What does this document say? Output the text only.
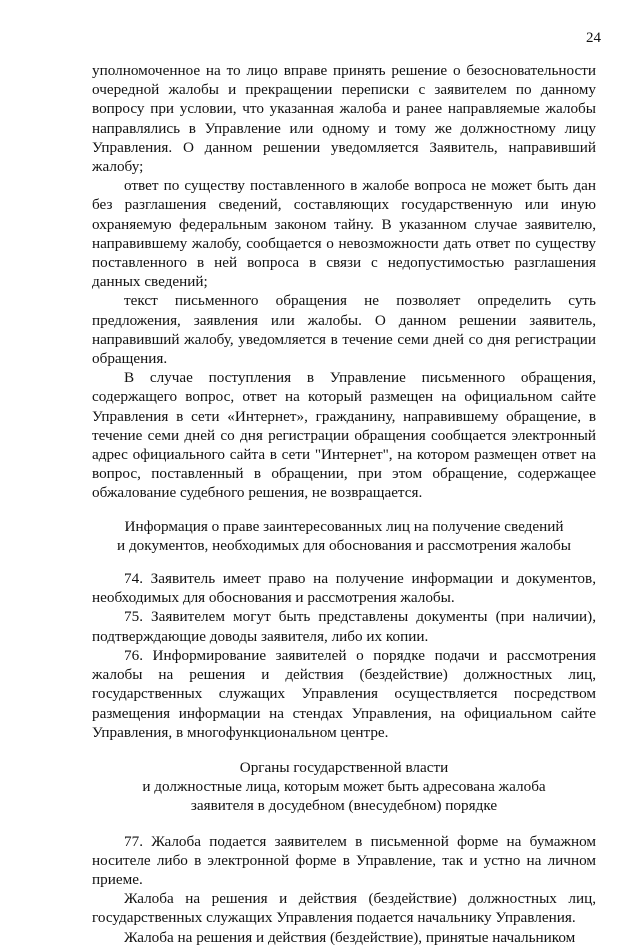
24

уполномоченное на то лицо вправе принять решение о безосновательности очередной жалобы и прекращении переписки с заявителем по данному вопросу при условии, что указанная жалоба и ранее направляемые жалобы направлялись в Управление или одному и тому же должностному лицу Управления. О данном решении уведомляется Заявитель, направивший жалобу;

ответ по существу поставленного в жалобе вопроса не может быть дан без разглашения сведений, составляющих государственную или иную охраняемую федеральным законом тайну. В указанном случае заявителю, направившему жалобу, сообщается о невозможности дать ответ по существу поставленного в ней вопроса в связи с недопустимостью разглашения данных сведений;

текст письменного обращения не позволяет определить суть предложения, заявления или жалобы. О данном решении заявитель, направивший жалобу, уведомляется в течение семи дней со дня регистрации обращения.

В случае поступления в Управление письменного обращения, содержащего вопрос, ответ на который размещен на официальном сайте Управления в сети «Интернет», гражданину, направившему обращение, в течение семи дней со дня регистрации обращения сообщается электронный адрес официального сайта в сети "Интернет", на котором размещен ответ на вопрос, поставленный в обращении, при этом обращение, содержащее обжалование судебного решения, не возвращается.

Информация о праве заинтересованных лиц на получение сведений
и документов, необходимых для обоснования и рассмотрения жалобы

74. Заявитель имеет право на получение информации и документов, необходимых для обоснования и рассмотрения жалобы.

75. Заявителем могут быть представлены документы (при наличии), подтверждающие доводы заявителя, либо их копии.

76. Информирование заявителей о порядке подачи и рассмотрения жалобы на решения и действия (бездействие) должностных лиц, государственных служащих Управления осуществляется посредством размещения информации на стендах Управления, на официальном сайте Управления, в многофункциональном центре.

Органы государственной власти
и должностные лица, которым может быть адресована жалоба
заявителя в досудебном (внесудебном) порядке

77. Жалоба подается заявителем в письменной форме на бумажном носителе либо в электронной форме в Управление, так и устно на личном приеме.

Жалоба на решения и действия (бездействие) должностных лиц, государственных служащих Управления подается начальнику Управления.

Жалоба на решения и действия (бездействие), принятые начальником
